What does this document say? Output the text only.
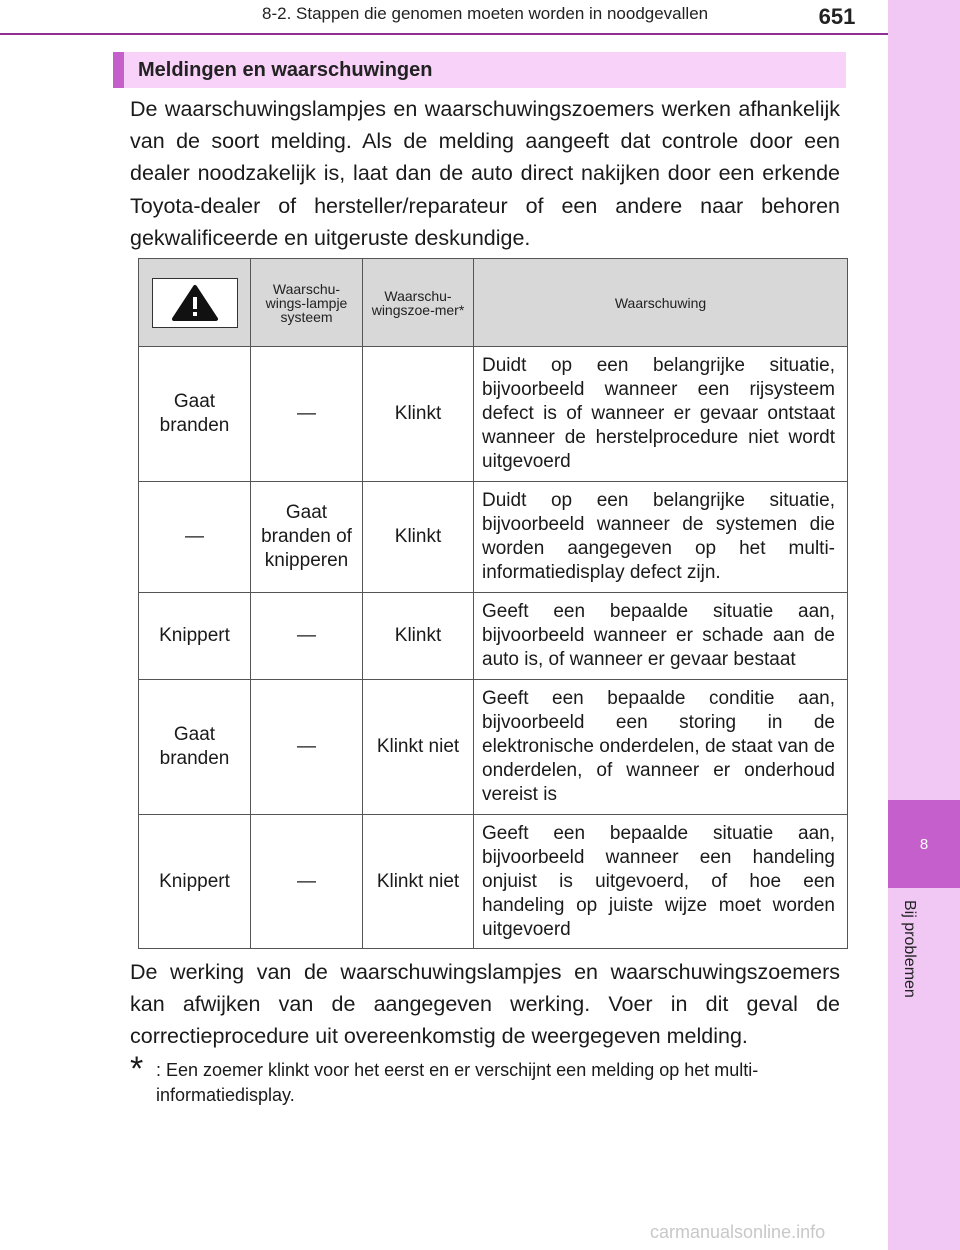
8
Bij problemen
8-2. Stappen die genomen moeten worden in noodgevallen	651
Meldingen en waarschuwingen

De waarschuwingslampjes en waarschuwingszoemers werken afhankelijk van de soort melding. Als de melding aangeeft dat controle door een dealer noodzakelijk is, laat dan de auto direct nakijken door een erkende Toyota-dealer of hersteller/reparateur of een andere naar behoren gekwalificeerde en uitgeruste deskundige.

	Waarschu-wings-lampje systeem	Waarschu-wingszoe-mer*	Waarschuwing
Gaat branden	—	Klinkt	Duidt op een belangrijke situatie, bijvoorbeeld wanneer een rijsysteem defect is of wanneer er gevaar ontstaat wanneer de herstelprocedure niet wordt uitgevoerd
—	Gaat branden of knipperen	Klinkt	Duidt op een belangrijke situatie, bijvoorbeeld wanneer de systemen die worden aangegeven op het multi-informatiedisplay defect zijn.
Knippert	—	Klinkt	Geeft een bepaalde situatie aan, bijvoorbeeld wanneer er schade aan de auto is, of wanneer er gevaar bestaat
Gaat branden	—	Klinkt niet	Geeft een bepaalde conditie aan, bijvoorbeeld een storing in de elektronische onderdelen, de staat van de onderdelen, of wanneer er onderhoud vereist is
Knippert	—	Klinkt niet	Geeft een bepaalde situatie aan, bijvoorbeeld wanneer een handeling onjuist is uitgevoerd, of hoe een handeling op juiste wijze moet worden uitgevoerd

De werking van de waarschuwingslampjes en waarschuwingszoemers kan afwijken van de aangegeven werking. Voer in dit geval de correctieprocedure uit overeenkomstig de weergegeven melding.

* : Een zoemer klinkt voor het eerst en er verschijnt een melding op het multi-informatiedisplay.

carmanualsonline.info
